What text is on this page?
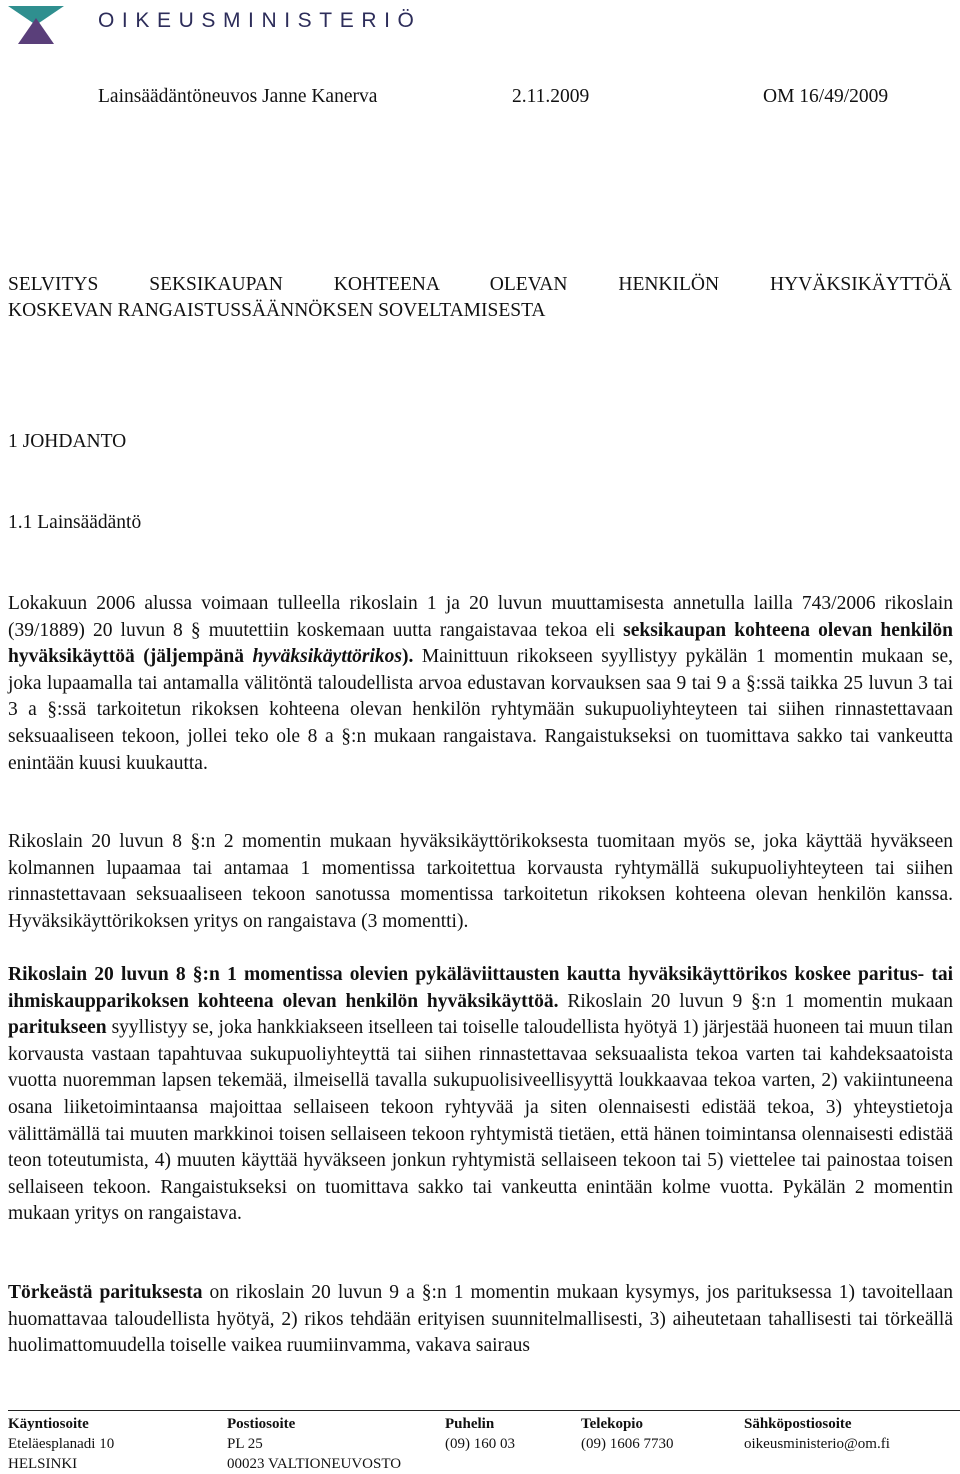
OIKEUSMINISTERIÖ
Lainsäädäntöneuvos Janne Kanerva	2.11.2009	OM 16/49/2009
SELVITYS SEKSIKAUPAN KOHTEENA OLEVAN HENKILÖN HYVÄKSIKÄYTTÖÄ
KOSKEVAN RANGAISTUSSÄÄNNÖKSEN SOVELTAMISESTA
1 JOHDANTO
1.1 Lainsäädäntö
Lokakuun 2006 alussa voimaan tulleella rikoslain 1 ja 20 luvun muuttamisesta annetulla lailla 743/2006 rikoslain (39/1889) 20 luvun 8 § muutettiin koskemaan uutta rangaistavaa tekoa eli seksikaupan kohteena olevan henkilön hyväksikäyttöä (jäljempänä hyväksikäyttörikos). Mainittuun rikokseen syyllistyy pykälän 1 momentin mukaan se, joka lupaamalla tai antamalla välitöntä taloudellista arvoa edustavan korvauksen saa 9 tai 9 a §:ssä taikka 25 luvun 3 tai 3 a §:ssä tarkoitetun rikoksen kohteena olevan henkilön ryhtymään sukupuoliyhteyteen tai siihen rinnastettavaan seksuaaliseen tekoon, jollei teko ole 8 a §:n mukaan rangaistava. Rangaistukseksi on tuomittava sakko tai vankeutta enintään kuusi kuukautta.
Rikoslain 20 luvun 8 §:n 2 momentin mukaan hyväksikäyttörikoksesta tuomitaan myös se, joka käyttää hyväkseen kolmannen lupaamaa tai antamaa 1 momentissa tarkoitettua korvausta ryhtymällä sukupuoliyhteyteen tai siihen rinnastettavaan seksuaaliseen tekoon sanotussa momentissa tarkoitetun rikoksen kohteena olevan henkilön kanssa. Hyväksikäyttörikoksen yritys on rangaistava (3 momentti).
Rikoslain 20 luvun 8 §:n 1 momentissa olevien pykäläviittausten kautta hyväksikäyttörikos koskee paritus- tai ihmiskaupparikoksen kohteena olevan henkilön hyväksikäyttöä. Rikoslain 20 luvun 9 §:n 1 momentin mukaan paritukseen syyllistyy se, joka hankkiakseen itselleen tai toiselle taloudellista hyötyä 1) järjestää huoneen tai muun tilan korvausta vastaan tapahtuvaa sukupuoliyhteyttä tai siihen rinnastettavaa seksuaalista tekoa varten tai kahdeksaatoista vuotta nuoremman lapsen tekemää, ilmeisellä tavalla sukupuolisiveellisyyttä loukkaavaa tekoa varten, 2) vakiintuneena osana liiketoimintaansa majoittaa sellaiseen tekoon ryhtyvää ja siten olennaisesti edistää tekoa, 3) yhteystietoja välittämällä tai muuten markkinoi toisen sellaiseen tekoon ryhtymistä tietäen, että hänen toimintansa olennaisesti edistää teon toteutumista, 4) muuten käyttää hyväkseen jonkun ryhtymistä sellaiseen tekoon tai 5) viettelee tai painostaa toisen sellaiseen tekoon. Rangaistukseksi on tuomittava sakko tai vankeutta enintään kolme vuotta. Pykälän 2 momentin mukaan yritys on rangaistava.
Törkeästä parituksesta on rikoslain 20 luvun 9 a §:n 1 momentin mukaan kysymys, jos parituksessa 1) tavoitellaan huomattavaa taloudellista hyötyä, 2) rikos tehdään erityisen suunnitelmallisesti, 3) aiheutetaan tahallisesti tai törkeällä huolimattomuudella toiselle vaikea ruumiinvamma, vakava sairaus
Käyntiosoite
Eteläesplanadi 10
HELSINKI
Postiosoite
PL 25
00023 VALTIONEUVOSTO
Puhelin
(09) 160 03
Telekopio
(09) 1606 7730
Sähköpostiosoite
oikeusministerio@om.fi
